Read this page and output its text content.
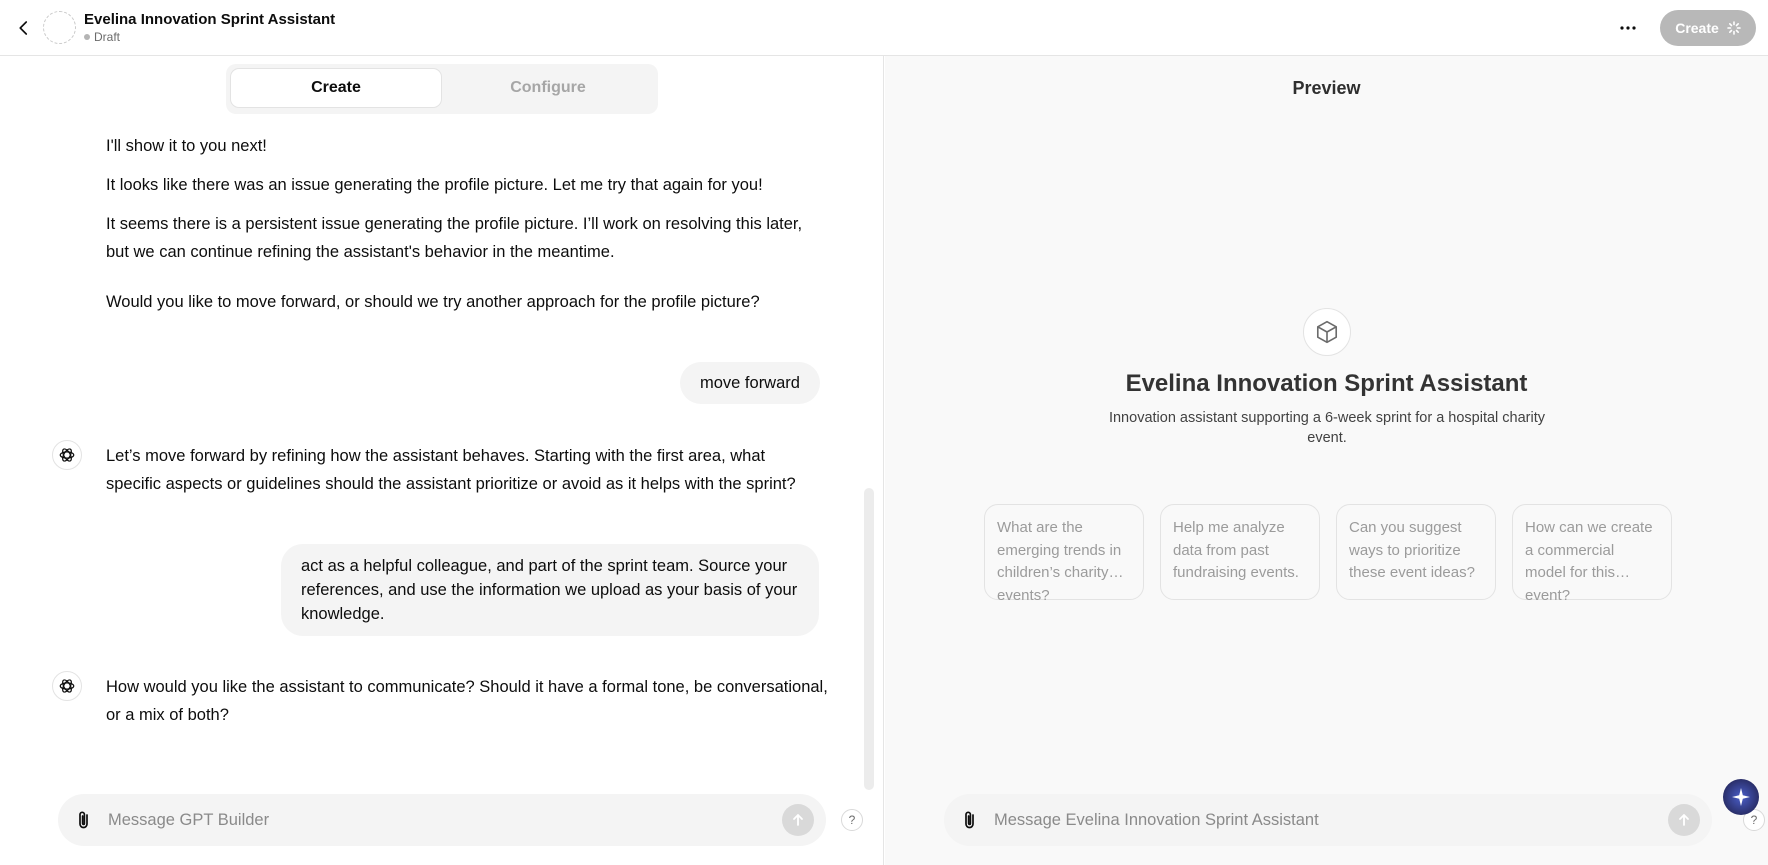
Evelina Innovation Sprint Assistant
Draft
Create
Create	Configure
I'll show it to you next!
It looks like there was an issue generating the profile picture. Let me try that again for you!
It seems there is a persistent issue generating the profile picture. I’ll work on resolving this later, but we can continue refining the assistant's behavior in the meantime.
Would you like to move forward, or should we try another approach for the profile picture?
move forward
Let’s move forward by refining how the assistant behaves. Starting with the first area, what specific aspects or guidelines should the assistant prioritize or avoid as it helps with the sprint?
act as a helpful colleague, and part of the sprint team. Source your references, and use the information we upload as your basis of your knowledge.
How would you like the assistant to communicate? Should it have a formal tone, be conversational, or a mix of both?
Message GPT Builder
?
Preview
Evelina Innovation Sprint Assistant
Innovation assistant supporting a 6-week sprint for a hospital charity event.
What are the emerging trends in children’s charity events?
Help me analyze data from past fundraising events.
Can you suggest ways to prioritize these event ideas?
How can we create a commercial model for this event?
Message Evelina Innovation Sprint Assistant
?
